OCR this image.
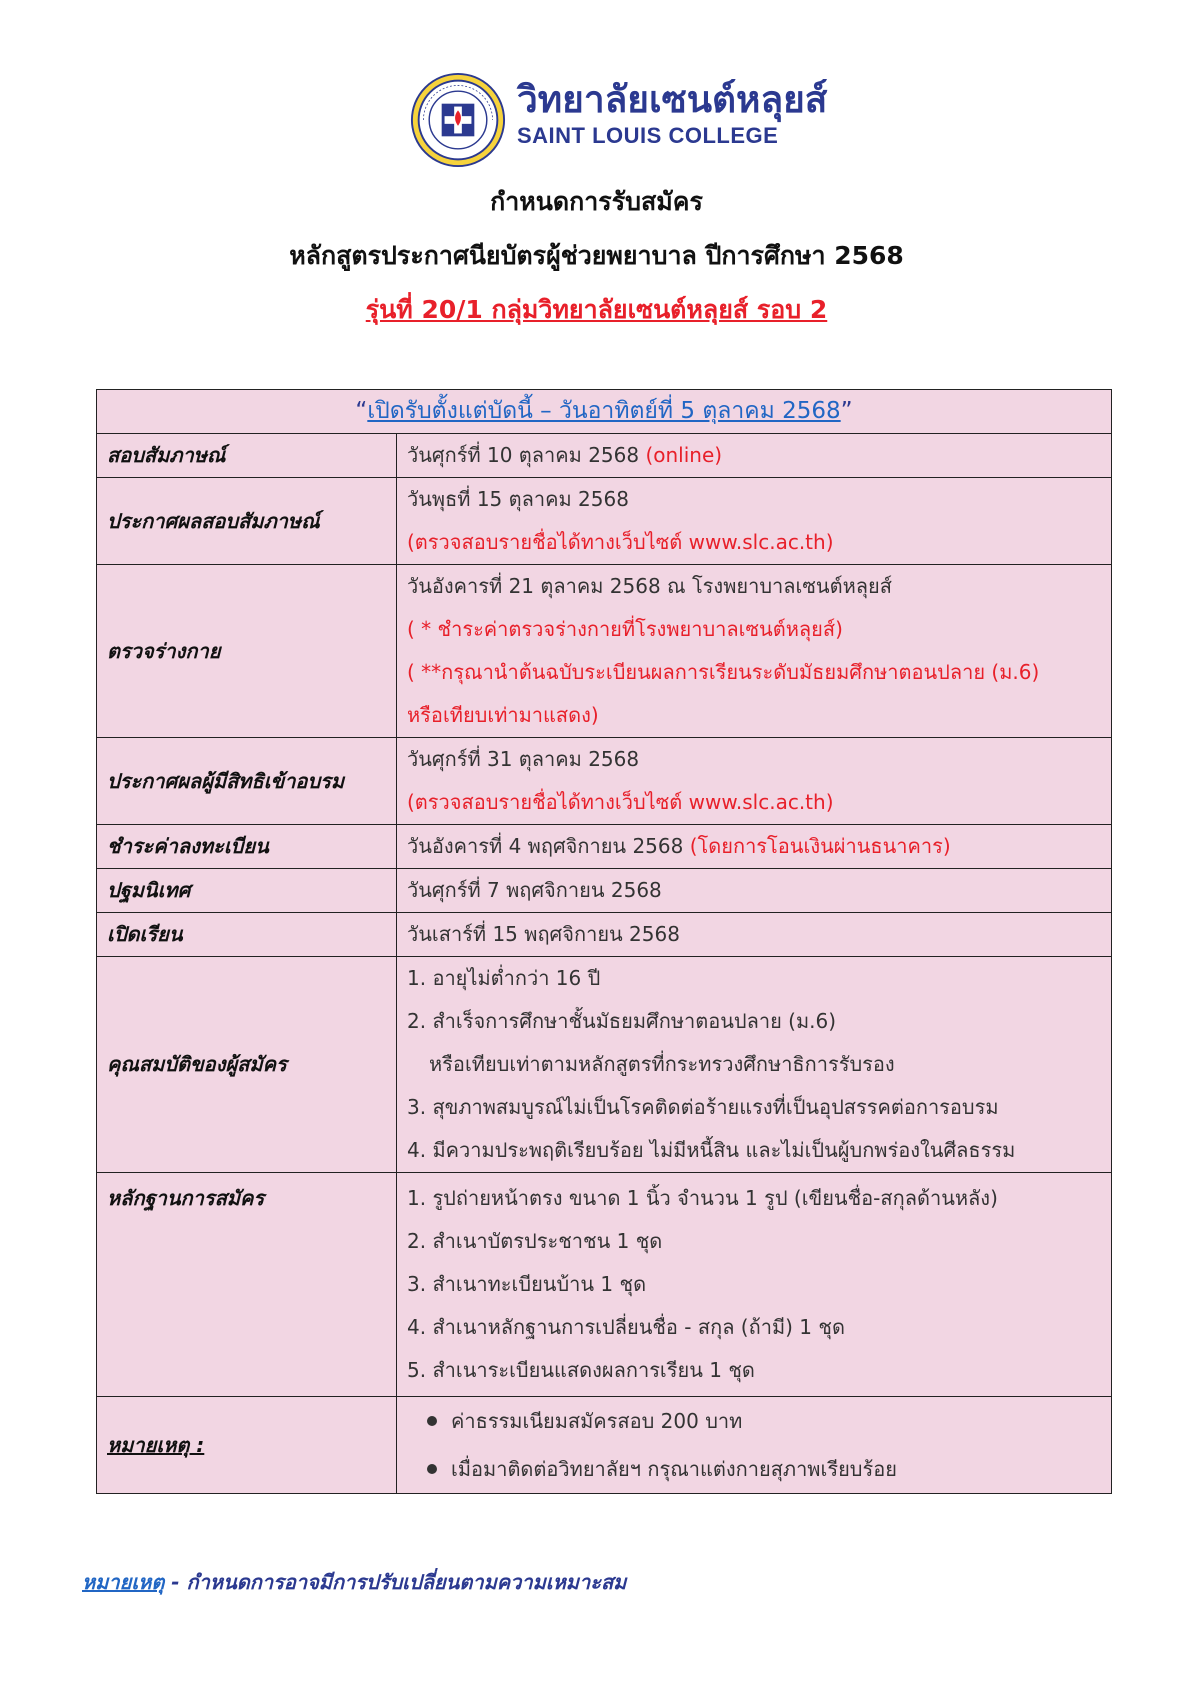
วิทยาลัยเซนต์หลุยส์
SAINT LOUIS COLLEGE
กำหนดการรับสมัคร
หลักสูตรประกาศนียบัตรผู้ช่วยพยาบาล ปีการศึกษา 2568
รุ่นที่ 20/1 กลุ่มวิทยาลัยเซนต์หลุยส์ รอบ 2
“เปิดรับตั้งแต่บัดนี้ – วันอาทิตย์ที่ 5 ตุลาคม 2568”	
สอบสัมภาษณ์	วันศุกร์ที่ 10 ตุลาคม 2568 (online)
ประกาศผลสอบสัมภาษณ์	วันพุธที่ 15 ตุลาคม 2568
(ตรวจสอบรายชื่อได้ทางเว็บไซต์ www.slc.ac.th)

ตรวจร่างกาย	วันอังคารที่ 21 ตุลาคม 2568 ณ โรงพยาบาลเซนต์หลุยส์
( * ชำระค่าตรวจร่างกายที่โรงพยาบาลเซนต์หลุยส์)
( **กรุณานำต้นฉบับระเบียนผลการเรียนระดับมัธยมศึกษาตอนปลาย (ม.6)
หรือเทียบเท่ามาแสดง)

ประกาศผลผู้มีสิทธิเข้าอบรม	วันศุกร์ที่ 31 ตุลาคม 2568
(ตรวจสอบรายชื่อได้ทางเว็บไซต์ www.slc.ac.th)

ชำระค่าลงทะเบียน	วันอังคารที่ 4 พฤศจิกายน 2568 (โดยการโอนเงินผ่านธนาคาร)
ปฐมนิเทศ	วันศุกร์ที่ 7 พฤศจิกายน 2568
เปิดเรียน	วันเสาร์ที่ 15 พฤศจิกายน 2568
คุณสมบัติของผู้สมัคร	1. อายุไม่ต่ำกว่า 16 ปี
2. สำเร็จการศึกษาชั้นมัธยมศึกษาตอนปลาย (ม.6)
หรือเทียบเท่าตามหลักสูตรที่กระทรวงศึกษาธิการรับรอง
3. สุขภาพสมบูรณ์ไม่เป็นโรคติดต่อร้ายแรงที่เป็นอุปสรรคต่อการอบรม
4. มีความประพฤติเรียบร้อย ไม่มีหนี้สิน และไม่เป็นผู้บกพร่องในศีลธรรม

หลักฐานการสมัคร	1. รูปถ่ายหน้าตรง ขนาด 1 นิ้ว จำนวน 1 รูป (เขียนชื่อ-สกุลด้านหลัง)
2. สำเนาบัตรประชาชน 1 ชุด
3. สำเนาทะเบียนบ้าน 1 ชุด
4. สำเนาหลักฐานการเปลี่ยนชื่อ - สกุล (ถ้ามี) 1 ชุด
5. สำเนาระเบียนแสดงผลการเรียน 1 ชุด

หมายเหตุ :	ค่าธรรมเนียมสมัครสอบ 200 บาท
เมื่อมาติดต่อวิทยาลัยฯ กรุณาแต่งกายสุภาพเรียบร้อย
หมายเหตุ - กำหนดการอาจมีการปรับเปลี่ยนตามความเหมาะสม
